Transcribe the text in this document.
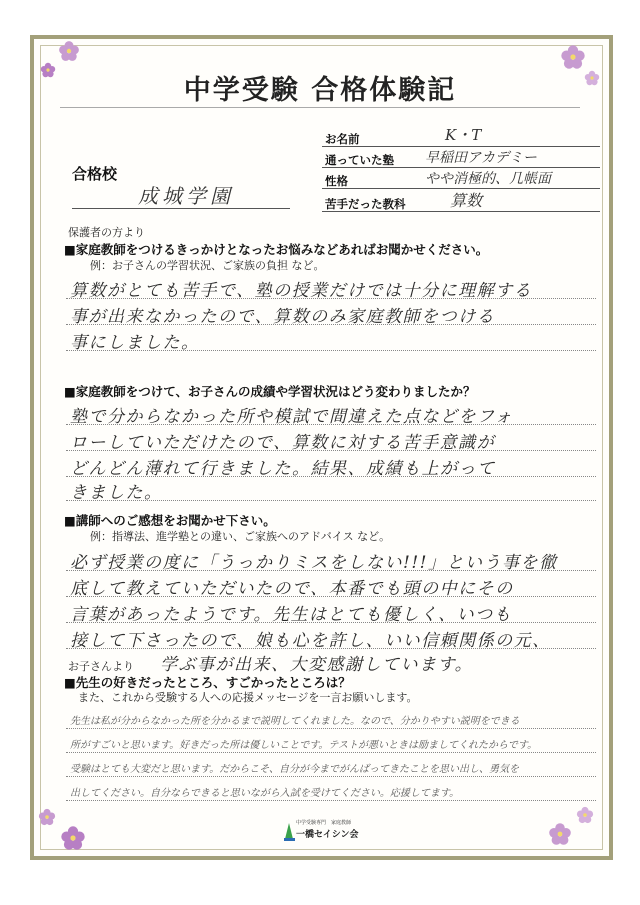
中学受験 合格体験記
お名前	K・T
通っていた塾 早稲田アカデミー
性格	やや消極的、几帳面
苦手だった教科	算数
合格校
成城学園
保護者の方より
■家庭教師をつけるきっかけとなったお悩みなどあればお聞かせください。
例：お子さんの学習状況、ご家族の負担 など。
算数がとても苦手で、塾の授業だけでは十分に理解する
事が出来なかったので、算数のみ家庭教師をつける
事にしました。
■家庭教師をつけて、お子さんの成績や学習状況はどう変わりましたか？
塾で分からなかった所や模試で間違えた点などをフォ
ローしていただけたので、算数に対する苦手意識が
どんどん薄れて行きました。結果、成績も上がって
きました。
■講師へのご感想をお聞かせ下さい。
例：指導法、進学塾との違い、ご家族へのアドバイス など。
必ず授業の度に「うっかりミスをしない!!!」という事を徹
底して教えていただいたので、本番でも頭の中にその
言葉があったようです。先生はとても優しく、いつも
接して下さったので、娘も心を許し、いい信頼関係の元、
学ぶ事が出来、大変感謝しています。
お子さんより
■先生の好きだったところ、すごかったところは？
また、これから受験する人への応援メッセージを一言お願いします。
先生は私が分からなかった所を分かるまで説明してくれました。なので、分かりやすい説明をできる
所がすごいと思います。好きだった所は優しいことです。テストが悪いときは励ましてくれたからです。
受験はとても大変だと思います。だからこそ、自分が今までがんばってきたことを思い出し、勇気を
出してください。自分ならできると思いながら入試を受けてください。応援してます。
中学受験専門　家庭教師
一橋セイシン会
